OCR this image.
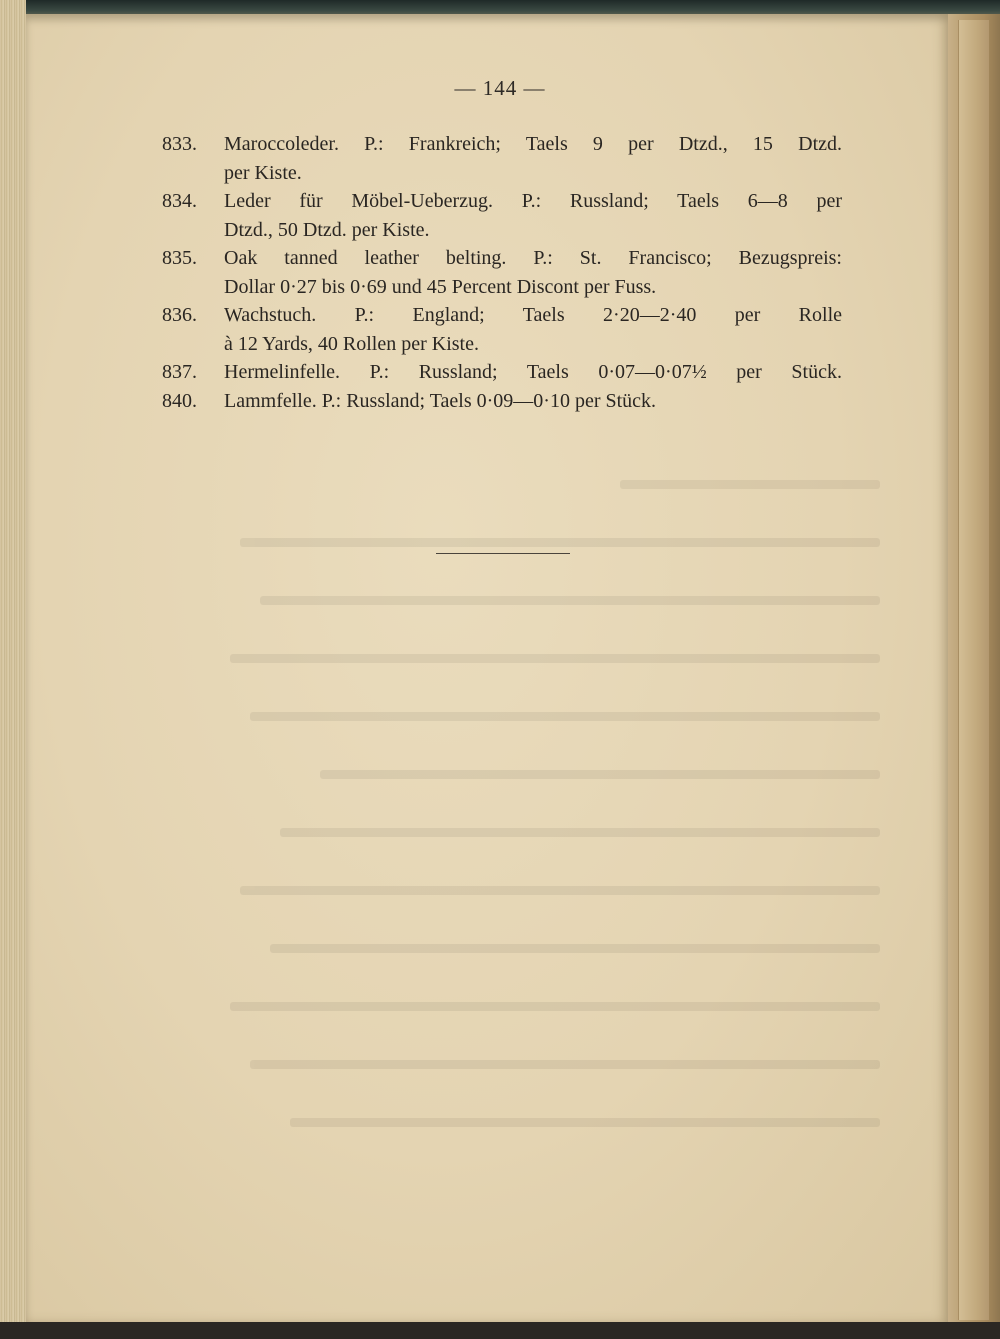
— 144 —
833.	Maroccoleder. P.: Frankreich; Taels 9 per Dtzd., 15 Dtzd.
per Kiste.
834.	Leder für Möbel-Ueberzug. P.: Russland; Taels 6—8 per
Dtzd., 50 Dtzd. per Kiste.
835.	Oak tanned leather belting. P.: St. Francisco; Bezugspreis:
Dollar 0·27 bis 0·69 und 45 Percent Discont per Fuss.
836.	Wachstuch. P.: England; Taels 2·20—2·40 per Rolle
à 12 Yards, 40 Rollen per Kiste.
837.	Hermelinfelle. P.: Russland; Taels 0·07—0·07½ per Stück.
840.	Lammfelle. P.: Russland; Taels 0·09—0·10 per Stück.
